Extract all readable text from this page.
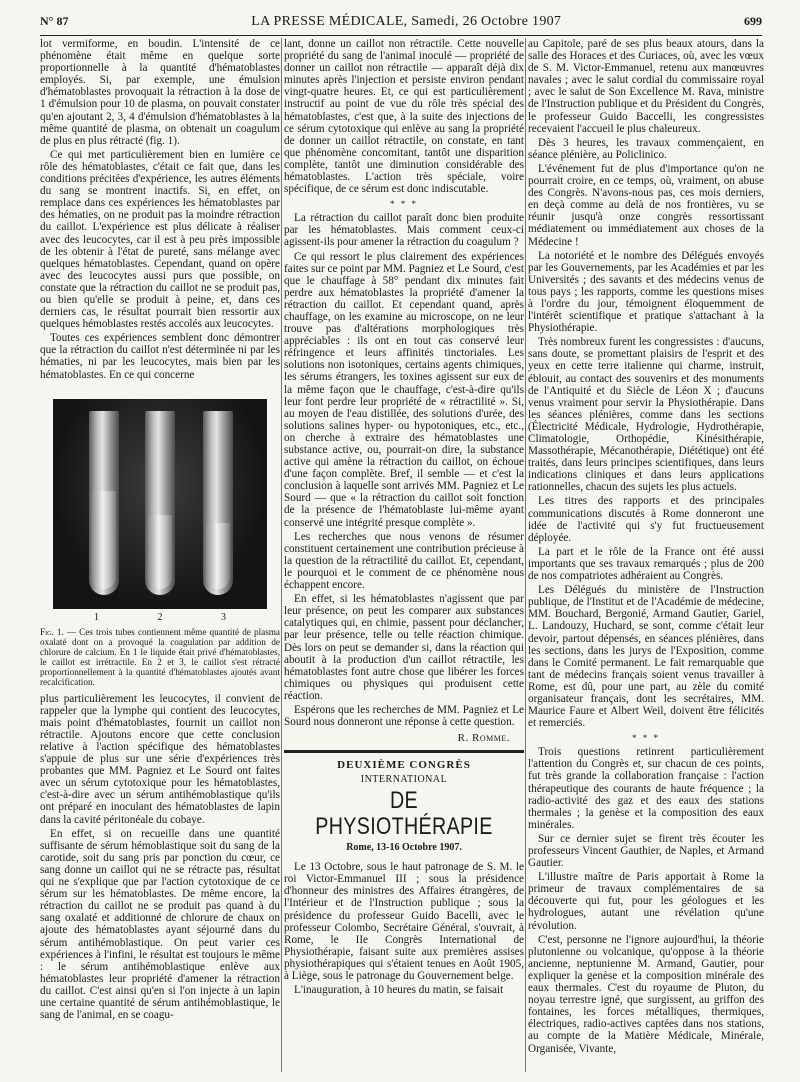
N° 87	LA PRESSE MÉDICALE, Samedi, 26 Octobre 1907	699

lot vermiforme, en boudin. L'intensité de ce phénomène était même en quelque sorte proportionnelle à la quantité d'hématoblastes employés. Si, par exemple, une émulsion d'hématoblastes provoquait la rétraction à la dose de 1 d'émulsion pour 10 de plasma, on pouvait constater qu'en ajoutant 2, 3, 4 d'émulsion d'hématoblastes à la même quantité de plasma, on obtenait un coagulum de plus en plus rétracté (fig. 1).

Ce qui met particulièrement bien en lumière ce rôle des hématoblastes, c'était ce fait que, dans les conditions précitées d'expérience, les autres éléments du sang se montrent inactifs. Si, en effet, on remplace dans ces expériences les hématoblastes par des hématies, on ne produit pas la moindre rétraction du caillot. L'expérience est plus délicate à réaliser avec des leucocytes, car il est à peu près impossible de les obtenir à l'état de pureté, sans mélange avec quelques hématoblastes. Cependant, quand on opère avec des leucocytes aussi purs que possible, on constate que la rétraction du caillot ne se produit pas, ou bien qu'elle se produit à peine, et, dans ces derniers cas, le résultat pourrait bien ressortir aux quelques hémoblastes restés accolés aux leucocytes.

Toutes ces expériences semblent donc démontrer que la rétraction du caillot n'est déterminée ni par les hématies, ni par les leucocytes, mais bien par les hématoblastes. En ce qui concerne

1	2	3
Fig. 1. — Ces trois tubes contiennent même quantité de plasma oxalaté dont on a provoqué la coagulation par addition de chlorure de calcium. En 1 le liquide était privé d'hématoblastes, le caillot est irrétractile. En 2 et 3, le caillot s'est rétracté proportionnellement à la quantité d'hématoblastes ajoutés avant recalcification.

plus particulièrement les leucocytes, il convient de rappeler que la lymphe qui contient des leucocytes, mais point d'hématoblastes, fournit un caillot non rétractile. Ajoutons encore que cette conclusion relative à l'action spécifique des hématoblastes s'appuie de plus sur une série d'expériences très probantes que MM. Pagniez et Le Sourd ont faites avec un sérum cytotoxique pour les hématoblastes, c'est-à-dire avec un sérum antihémoblastique qu'ils ont préparé en inoculant des hématoblastes de lapin dans la cavité péritonéale du cobaye.

En effet, si on recueille dans une quantité suffisante de sérum hémoblastique soit du sang de la carotide, soit du sang pris par ponction du cœur, ce sang donne un caillot qui ne se rétracte pas, résultat qui ne s'explique que par l'action cytotoxique de ce sérum sur les hématoblastes. De même encore, la rétraction du caillot ne se produit pas quand à du sang oxalaté et additionné de chlorure de chaux on ajoute des hématoblastes ayant séjourné dans du sérum antihémoblastique. On peut varier ces expériences à l'infini, le résultat est toujours le même : le sérum antihémoblastique enlève aux hématoblastes leur propriété d'amener la rétraction du caillot. C'est ainsi qu'en si l'on injecte à un lapin une certaine quantité de sérum antihémoblastique, le sang de l'animal, en se coagu-

lant, donne un caillot non rétractile. Cette nouvelle propriété du sang de l'animal inoculé — propriété de donner un caillot non rétractile — apparaît déjà dix minutes après l'injection et persiste environ pendant vingt-quatre heures. Et, ce qui est particulièrement instructif au point de vue du rôle très spécial des hématoblastes, c'est que, à la suite des injections de ce sérum cytotoxique qui enlève au sang la propriété de donner un caillot rétractile, on constate, en tant que phénomène concomitant, tantôt une disparition complète, tantôt une diminution considérable des hématoblastes. L'action très spéciale, voire spécifique, de ce sérum est donc indiscutable.

* * *

La rétraction du caillot paraît donc bien produite par les hématoblastes. Mais comment ceux-ci agissent-ils pour amener la rétraction du coagulum ?

Ce qui ressort le plus clairement des expériences faites sur ce point par MM. Pagniez et Le Sourd, c'est que le chauffage à 58° pendant dix minutes fait perdre aux hématoblastes la propriété d'amener la rétraction du caillot. Et cependant quand, après chauffage, on les examine au microscope, on ne leur trouve pas d'altérations morphologiques très appréciables : ils ont en tout cas conservé leur réfringence et leurs affinités tinctoriales. Les solutions non isotoniques, certains agents chimiques, les sérums étrangers, les toxines agissent sur eux de la même façon que le chauffage, c'est-à-dire qu'ils leur font perdre leur propriété de « rétractilité ». Si, au moyen de l'eau distillée, des solutions d'urée, des solutions salines hyper- ou hypotoniques, etc., etc., on cherche à extraire des hématoblastes une substance active, ou, pourrait-on dire, la substance active qui amène la rétraction du caillot, on échoue d'une façon complète. Bref, il semble — et c'est la conclusion à laquelle sont arrivés MM. Pagniez et Le Sourd — que « la rétraction du caillot soit fonction de la présence de l'hématoblaste lui-même ayant conservé une intégrité presque complète ».

Les recherches que nous venons de résumer constituent certainement une contribution précieuse à la question de la rétractilité du caillot. Et, cependant, le pourquoi et le comment de ce phénomène nous échappent encore.

En effet, si les hématoblastes n'agissent que par leur présence, on peut les comparer aux substances catalytiques qui, en chimie, passent pour déclancher, par leur présence, telle ou telle réaction chimique. Dès lors on peut se demander si, dans la réaction qui aboutit à la production d'un caillot rétractile, les hématoblastes font autre chose que libérer les forces chimiques ou physiques qui produisent cette réaction.

Espérons que les recherches de MM. Pagniez et Le Sourd nous donneront une réponse à cette question.

R. Romme.
DEUXIÈME CONGRÈS
INTERNATIONAL
DE PHYSIOTHÉRAPIE
Rome, 13-16 Octobre 1907.

Le 13 Octobre, sous le haut patronage de S. M. le roi Victor-Emmanuel III ; sous la présidence d'honneur des ministres des Affaires étrangères, de l'Intérieur et de l'Instruction publique ; sous la présidence du professeur Guido Bacelli, avec le professeur Colombo, Secrétaire Général, s'ouvrait, à Rome, le IIe Congrès International de Physiothérapie, faisant suite aux premières assises physiothérapiques qui s'étaient tenues en Août 1905, à Liège, sous le patronage du Gouvernement belge.

L'inauguration, à 10 heures du matin, se faisait

au Capitole, paré de ses plus beaux atours, dans la salle des Horaces et des Curiaces, où, avec les vœux de S. M. Victor-Emmanuel, retenu aux manœuvres navales ; avec le salut cordial du commissaire royal ; avec le salut de Son Excellence M. Rava, ministre de l'Instruction publique et du Président du Congrès, le professeur Guido Baccelli, les congressistes recevaient l'accueil le plus chaleureux.

Dès 3 heures, les travaux commençaient, en séance plénière, au Policlinico.

L'événement fut de plus d'importance qu'on ne pourrait croire, en ce temps, où, vraiment, on abuse des Congrès. N'avons-nous pas, ces mois derniers, en deçà comme au delà de nos frontières, vu se réunir jusqu'à onze congrès ressortissant médiatement ou immédiatement aux choses de la Médecine !

La notoriété et le nombre des Délégués envoyés par les Gouvernements, par les Académies et par les Universités ; des savants et des médecins venus de tous pays ; les rapports, comme les questions mises à l'ordre du jour, témoignent éloquemment de l'intérêt scientifique et pratique s'attachant à la Physiothérapie.

Très nombreux furent les congressistes : d'aucuns, sans doute, se promettant plaisirs de l'esprit et des yeux en cette terre italienne qui charme, instruit, éblouit, au contact des souvenirs et des monuments de l'Antiquité et du Siècle de Léon X ; d'aucuns venus vraiment pour servir la Physiothérapie. Dans les séances plénières, comme dans les sections (Électricité Médicale, Hydrologie, Hydrothérapie, Climatologie, Orthopédie, Kinésithérapie, Massothérapie, Mécanothérapie, Diététique) ont été traités, dans leurs principes scientifiques, dans leurs indications cliniques et dans leurs applications rationnelles, chacun des sujets les plus actuels.

Les titres des rapports et des principales communications discutés à Rome donneront une idée de l'activité qui s'y fut fructueusement déployée.

La part et le rôle de la France ont été aussi importants que ses travaux remarqués ; plus de 200 de nos compatriotes adhéraient au Congrès.

Les Délégués du ministère de l'Instruction publique, de l'Institut et de l'Académie de médecine, MM. Bouchard, Bergonié, Armand Gautier, Gariel, L. Landouzy, Huchard, se sont, comme c'était leur devoir, partout dépensés, en séances plénières, dans les sections, dans les jurys de l'Exposition, comme dans le Comité permanent. Le fait remarquable que tant de médecins français soient venus travailler à Rome, est dû, pour une part, au zèle du comité organisateur français, dont les secrétaires, MM. Maurice Faure et Albert Weil, doivent être félicités et remerciés.

* * *

Trois questions retinrent particulièrement l'attention du Congrès et, sur chacun de ces points, fut très grande la collaboration française : l'action thérapeutique des courants de haute fréquence ; la radio-activité des gaz et des eaux des stations thermales ; la genèse et la composition des eaux minérales.

Sur ce dernier sujet se firent très écouter les professeurs Vincent Gauthier, de Naples, et Armand Gautier.

L'illustre maître de Paris apportait à Rome la primeur de travaux complémentaires de sa découverte qui fut, pour les géologues et les hydrologues, autant une révélation qu'une révolution.

C'est, personne ne l'ignore aujourd'hui, la théorie plutonienne ou volcanique, qu'oppose à la théorie ancienne, neptunienne M. Armand, Gautier, pour expliquer la genèse et la composition minérale des eaux thermales. C'est du royaume de Pluton, du noyau terrestre igné, que surgissent, au griffon des fontaines, les forces métalliques, thermiques, électriques, radio-actives captées dans nos stations, au compte de la Matière Médicale, Minérale, Organisée, Vivante,
